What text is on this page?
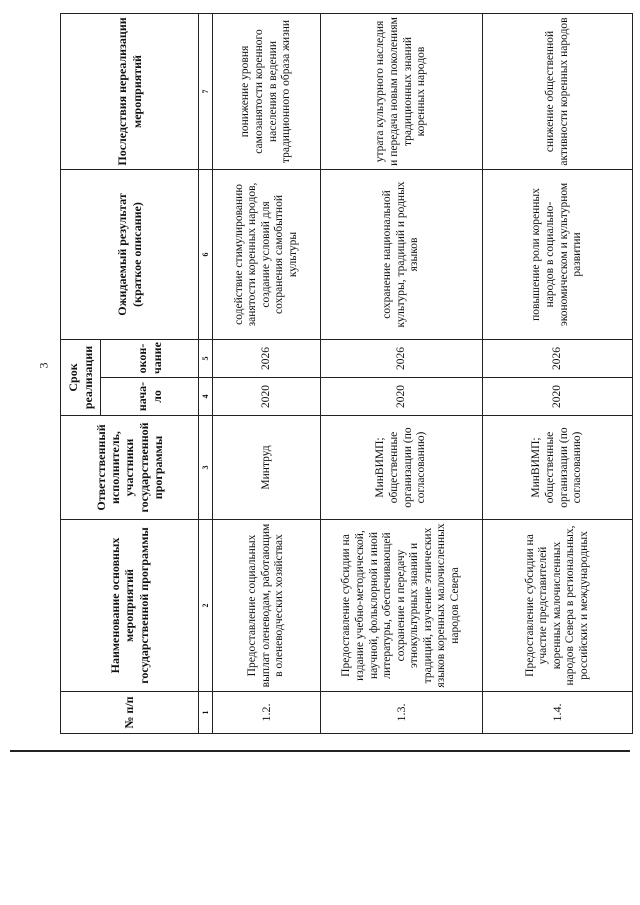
3
№ п/п	Наименование основных мероприятий государственной программы	Ответственный исполнитель, участники государственной программы	Срок реализации		Ожидаемый результат (краткое описание)	Последствия нереализации мероприятий
			нача-ло	окон-чание		
1	2	3	4	5	6	7
1.2.	Предоставление социальных выплат оленеводам, работающим в оленеводческих хозяйствах	Минтруд	2020	2026	содействие стимулированию занятости коренных народов, создание условий для сохранения самобытной культуры	понижение уровня самозанятости коренного населения в ведении традиционного образа жизни
1.3.	Предоставление субсидии на издание учебно-методической, научной, фольклорной и иной литературы, обеспечивающей сохранение и передачу этнокультурных знаний и традиций, изучение этнических языков коренных малочисленных народов Севера	МинВИМП; общественные организации (по согласованию)	2020	2026	сохранение национальной культуры, традиций и родных языков	утрата культурного наследия и передача новым поколениям традиционных знаний коренных народов
1.4.	Предоставление субсидии на участие представителей коренных малочисленных народов Севера в региональных, российских и международных	МинВИМП; общественные организации (по согласованию)	2020	2026	повышение роли коренных народов в социально-экономическом и культурном развитии	снижение общественной активности коренных народов
